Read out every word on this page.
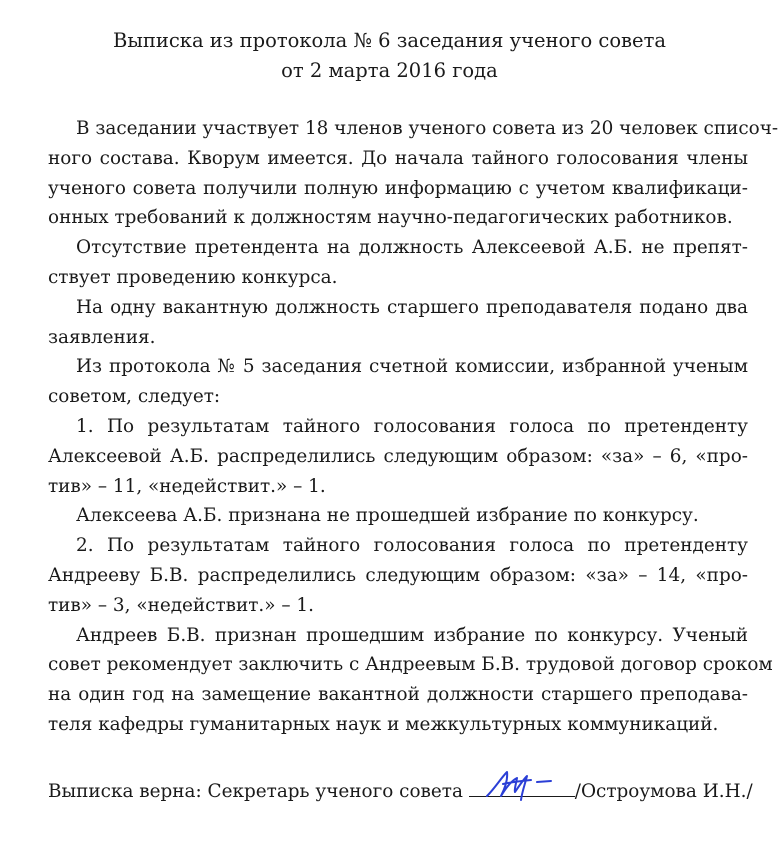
Выписка из протокола № 6 заседания ученого совета
от 2 марта 2016 года

В заседании участвует 18 членов ученого совета из 20 человек списоч-
ного состава. Кворум имеется. До начала тайного голосования члены
ученого совета получили полную информацию с учетом квалификаци-
онных требований к должностям научно-педагогических работников.

Отсутствие претендента на должность Алексеевой А.Б. не препят-
ствует проведению конкурса.

На одну вакантную должность старшего преподавателя подано два
заявления.

Из протокола № 5 заседания счетной комиссии, избранной ученым
советом, следует:

1. По результатам тайного голосования голоса по претенденту
Алексеевой А.Б. распределились следующим образом: «за» – 6, «про-
тив» – 11, «недействит.» – 1.

Алексеева А.Б. признана не прошедшей избрание по конкурсу.

2. По результатам тайного голосования голоса по претенденту
Андрееву Б.В. распределились следующим образом: «за» – 14, «про-
тив» – 3, «недействит.» – 1.

Андреев Б.В. признан прошедшим избрание по конкурсу. Ученый
совет рекомендует заключить с Андреевым Б.В. трудовой договор сроком
на один год на замещение вакантной должности старшего преподава-
теля кафедры гуманитарных наук и межкультурных коммуникаций.

Выписка верна: Секретарь ученого совета	/Остроумова И.Н./
